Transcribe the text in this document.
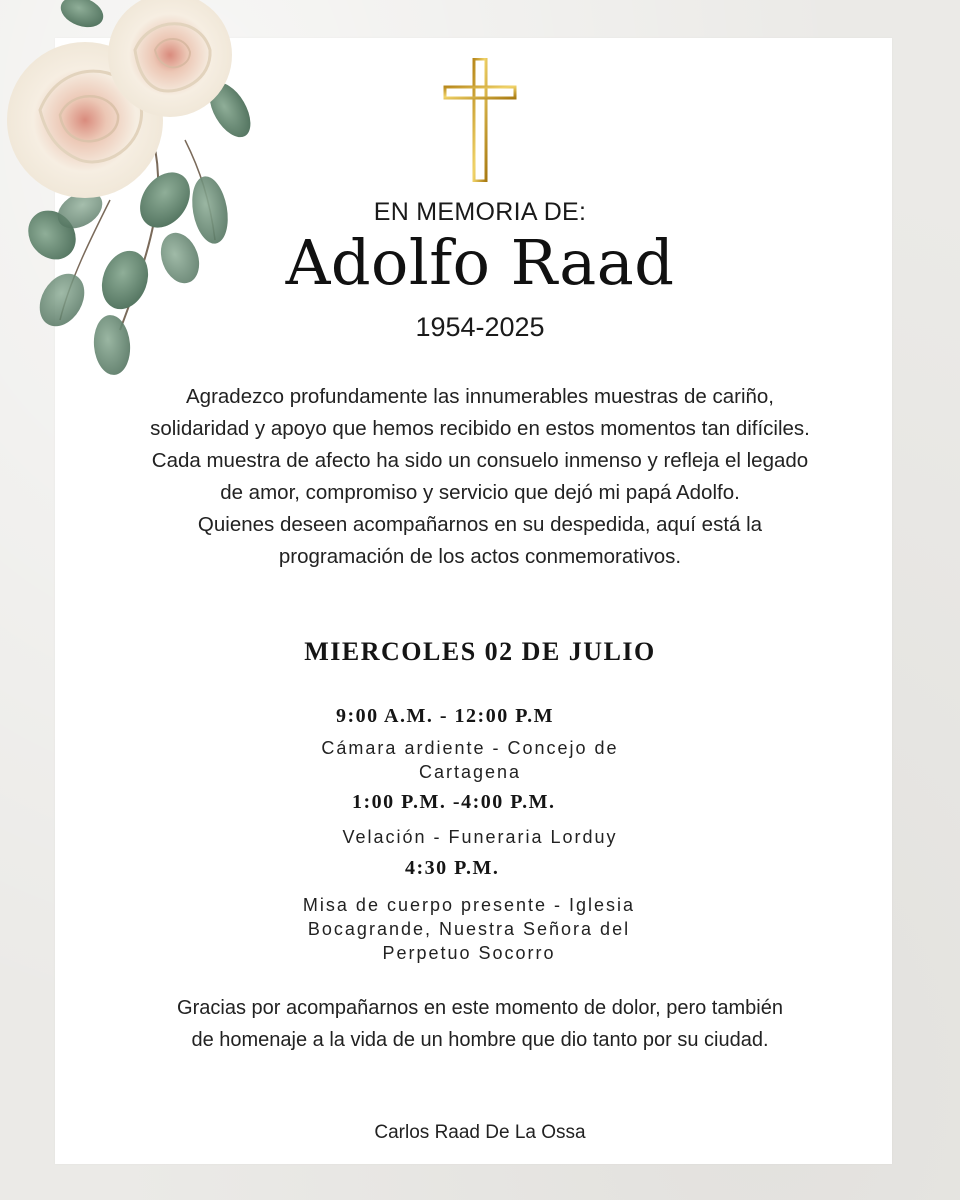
EN MEMORIA DE:
Adolfo Raad
1954-2025

Agradezco profundamente las innumerables muestras de cariño, solidaridad y apoyo que hemos recibido en estos momentos tan difíciles.

Cada muestra de afecto ha sido un consuelo inmenso y refleja el legado de amor, compromiso y servicio que dejó mi papá Adolfo.

Quienes deseen acompañarnos en su despedida, aquí está la programación de los actos conmemorativos.

MIERCOLES 02 DE JULIO
9:00 A.M. - 12:00 P.M
Cámara ardiente - Concejo de Cartagena
1:00 P.M. -4:00 P.M.
Velación - Funeraria Lorduy
4:30 P.M.
Misa de cuerpo presente - Iglesia Bocagrande, Nuestra Señora del Perpetuo Socorro
Gracias por acompañarnos en este momento de dolor, pero también de homenaje a la vida de un hombre que dio tanto por su ciudad.
Carlos Raad De La Ossa
